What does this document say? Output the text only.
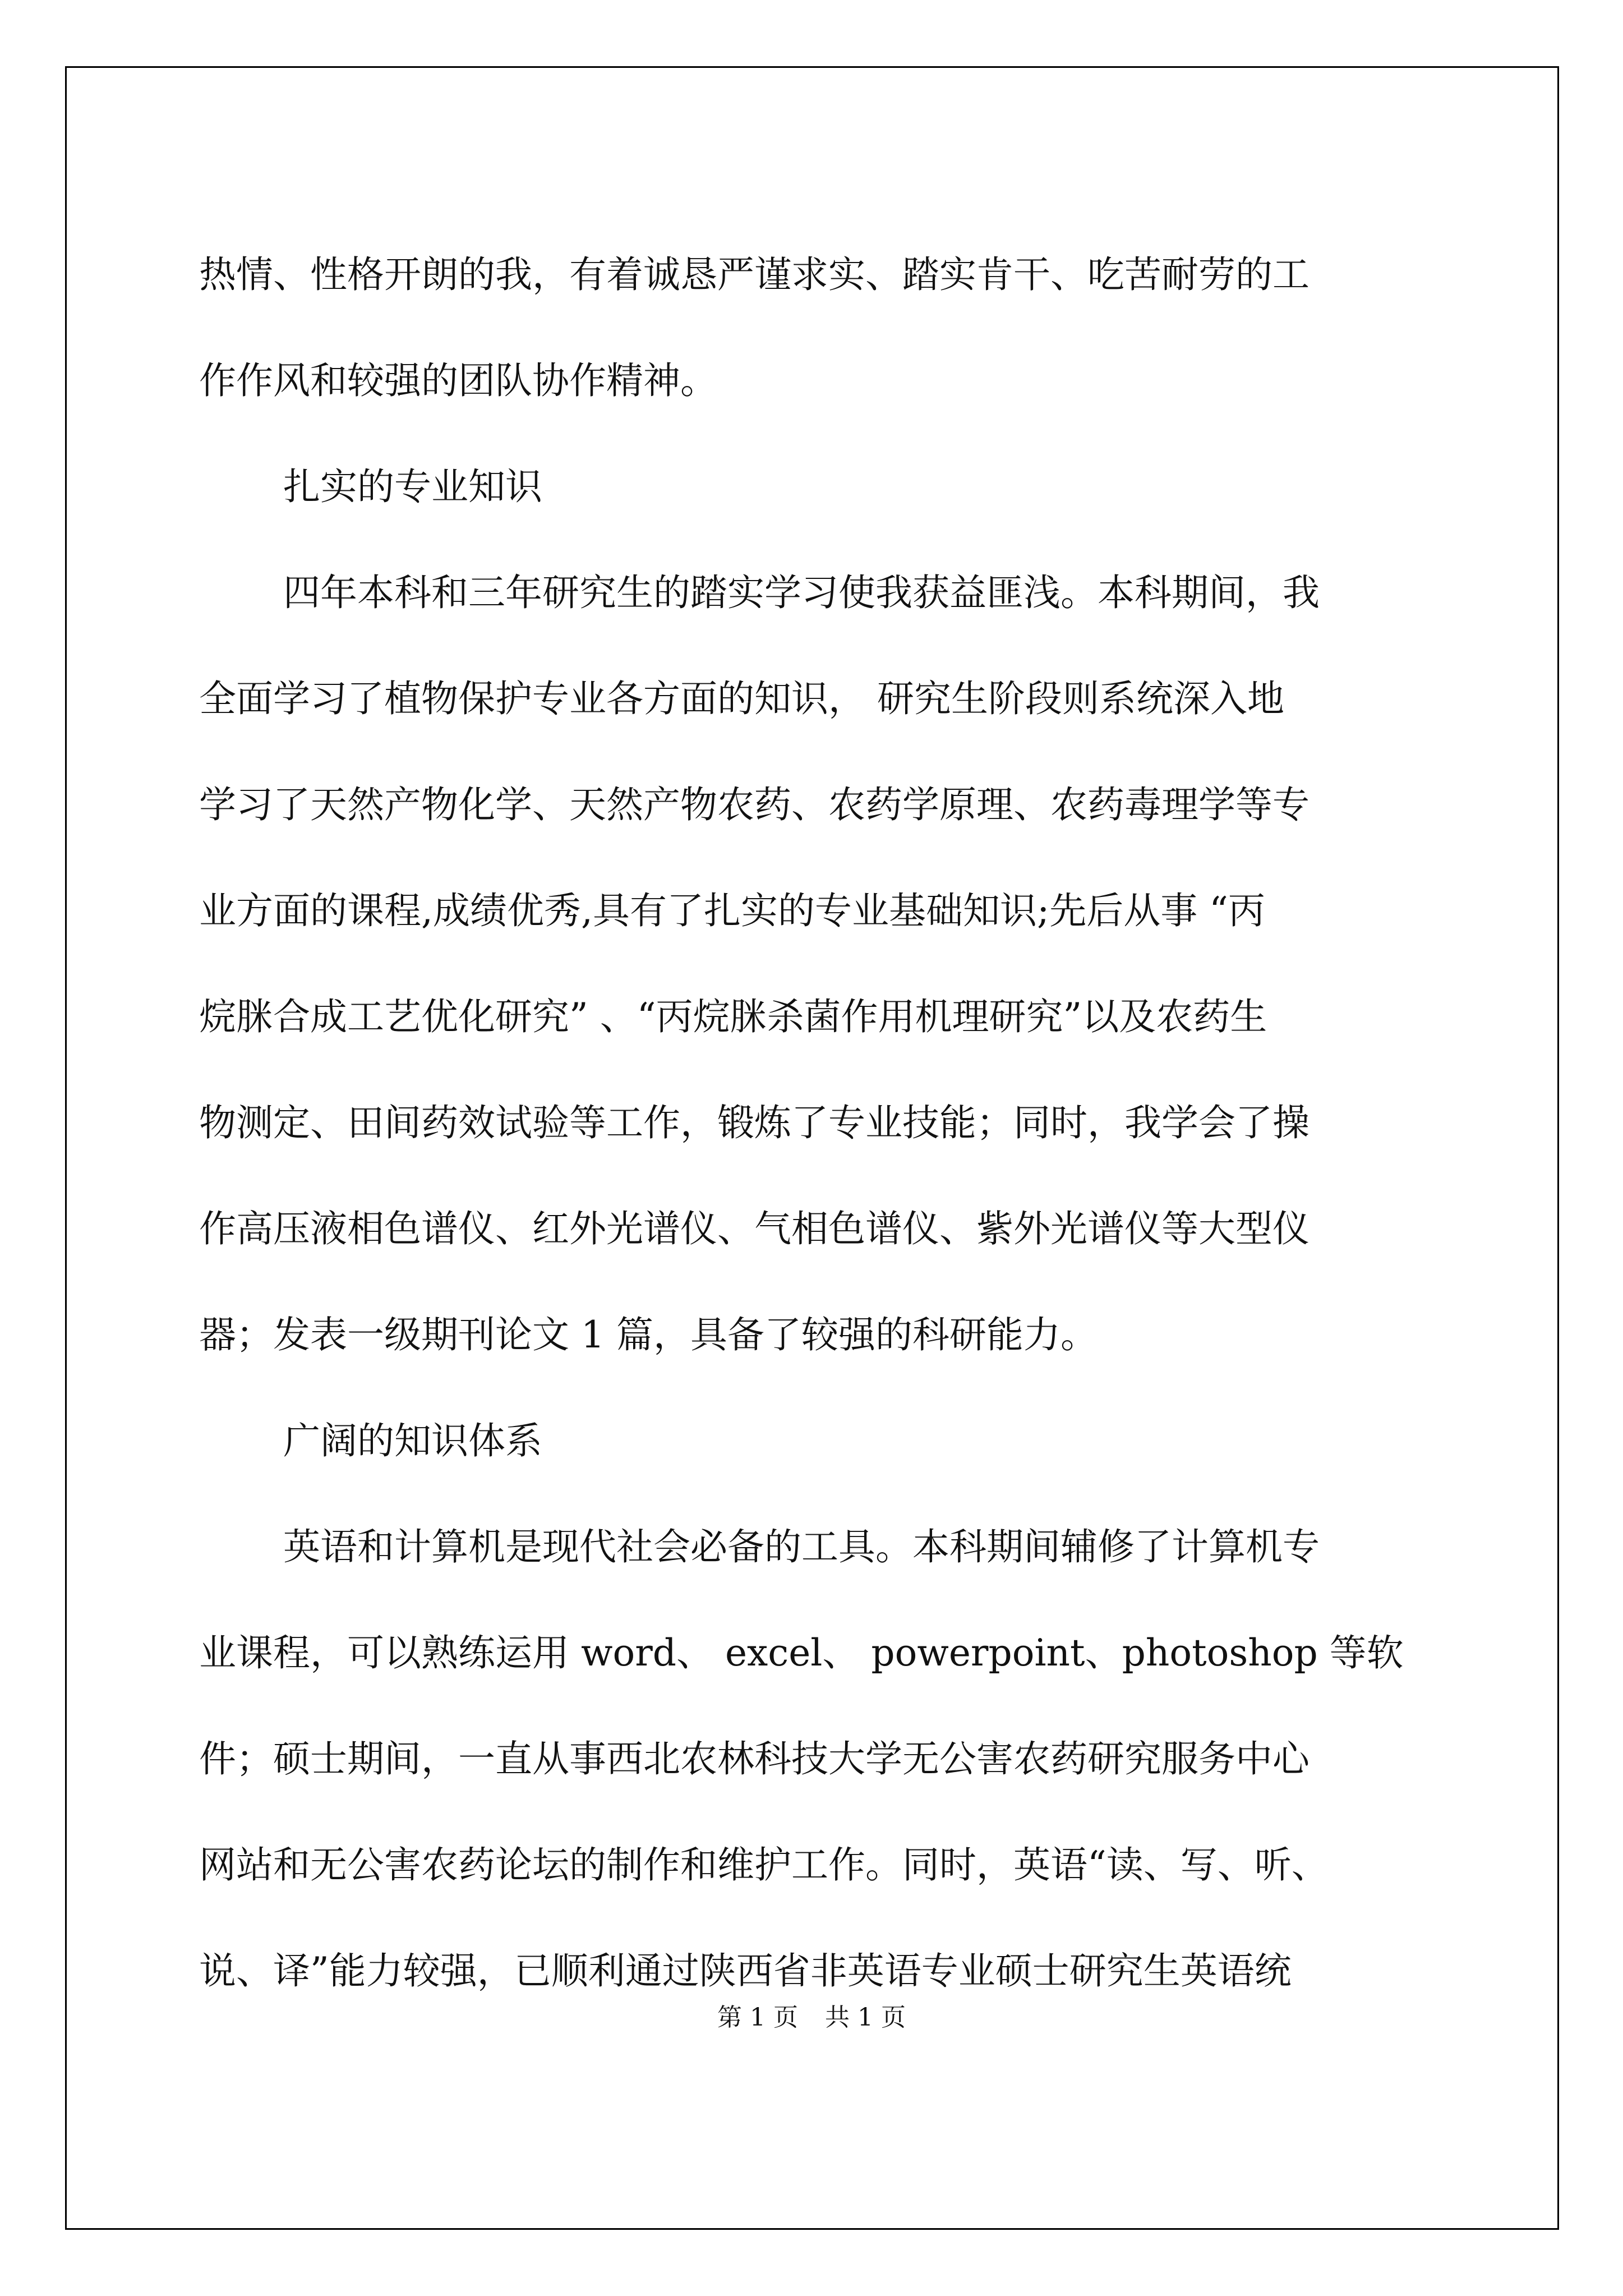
热情、性格开朗的我，有着诚恳严谨求实、踏实肯干、吃苦耐劳的工
作作风和较强的团队协作精神。
扎实的专业知识
四年本科和三年研究生的踏实学习使我获益匪浅。本科期间，我
全面学习了植物保护专业各方面的知识， 研究生阶段则系统深入地
学习了天然产物化学、天然产物农药、农药学原理、农药毒理学等专
业方面的课程,成绩优秀,具有了扎实的专业基础知识;先后从事 “丙
烷脒合成工艺优化研究” 、“丙烷脒杀菌作用机理研究”以及农药生
物测定、田间药效试验等工作，锻炼了专业技能；同时，我学会了操
作高压液相色谱仪、红外光谱仪、气相色谱仪、紫外光谱仪等大型仪
器；发表一级期刊论文 1 篇，具备了较强的科研能力。
广阔的知识体系
英语和计算机是现代社会必备的工具。本科期间辅修了计算机专
业课程，可以熟练运用 word、 excel、 powerpoint、photoshop 等软
件；硕士期间，一直从事西北农林科技大学无公害农药研究服务中心
网站和无公害农药论坛的制作和维护工作。同时，英语“读、写、听、
说、译”能力较强，已顺利通过陕西省非英语专业硕士研究生英语统
第 1 页 共 1 页
